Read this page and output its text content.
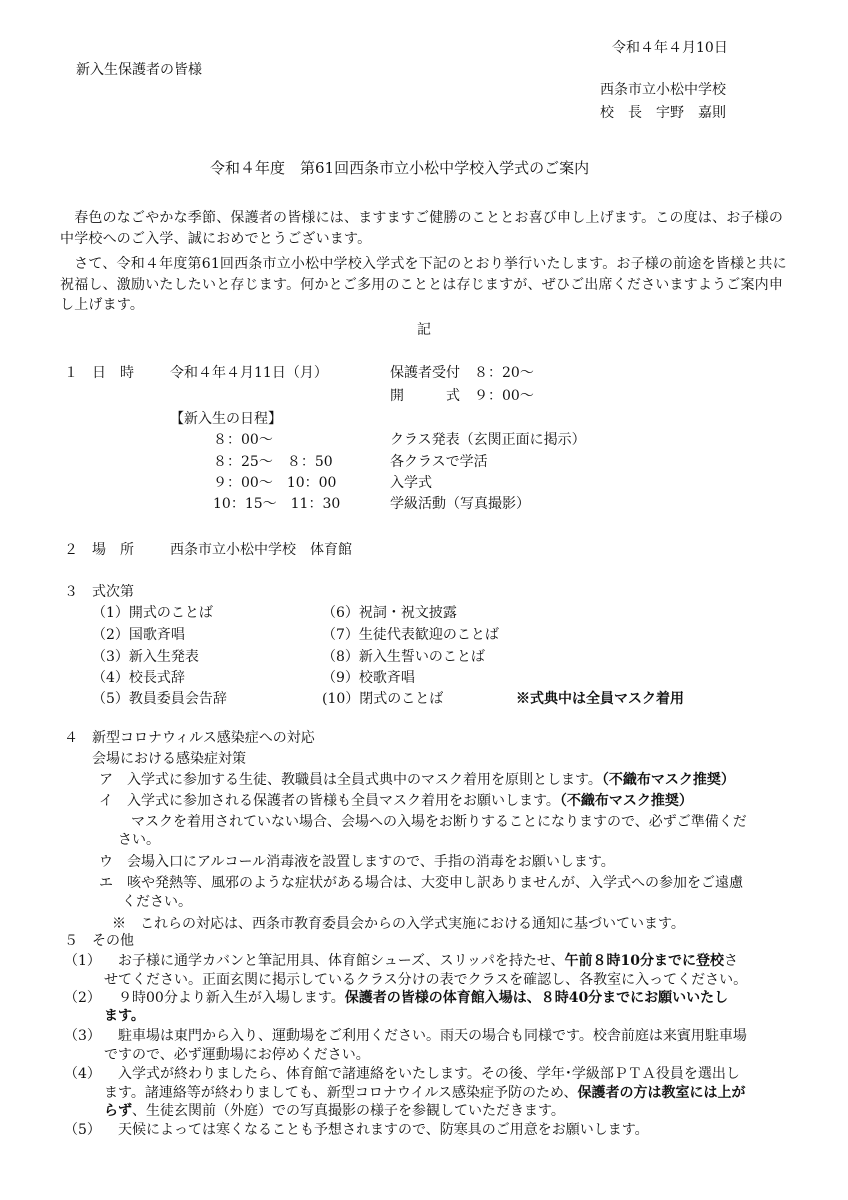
令和４年４月10日
新入生保護者の皆様
西条市立小松中学校
校　長　宇野　嘉則
令和４年度　第61回西条市立小松中学校入学式のご案内
　春色のなごやかな季節、保護者の皆様には、ますますご健勝のこととお喜び申し上げます。この度は、お子様の中学校へのご入学、誠におめでとうございます。
　さて、令和４年度第61回西条市立小松中学校入学式を下記のとおり挙行いたします。お子様の前途を皆様と共に祝福し、激励いたしたいと存じます。何かとご多用のこととは存じますが、ぜひご出席くださいますようご案内申し上げます。
記
１　日　時	令和４年４月11日（月）	保護者受付　８：20～
開　　　式　９：00～
【新入生の日程】
８：00～	クラス発表（玄関正面に掲示）
８：25～　８：50	各クラスで学活
９：00～　10：00	入学式
10：15～　11：30	学級活動（写真撮影）
２　場　所	西条市立小松中学校　体育館
３　式次第
（1）開式のことば
（2）国歌斉唱
（3）新入生発表
（4）校長式辞
（5）教員委員会告辞
（6）祝詞・祝文披露
（7）生徒代表歓迎のことば
（8）新入生誓いのことば
（9）校歌斉唱
(10）閉式のことば	※式典中は全員マスク着用
４　新型コロナウィルス感染症への対応
会場における感染症対策
ア　入学式に参加する生徒、教職員は全員式典中のマスク着用を原則とします。（不織布マスク推奨）
イ　入学式に参加される保護者の皆様も全員マスク着用をお願いします。（不織布マスク推奨）
マスクを着用されていない場合、会場への入場をお断りすることになりますので、必ずご準備くだ
さい。
ウ　会場入口にアルコール消毒液を設置しますので、手指の消毒をお願いします。
エ　咳や発熱等、風邪のような症状がある場合は、大変申し訳ありませんが、入学式への参加をご遠慮
ください。
※　これらの対応は、西条市教育委員会からの入学式実施における通知に基づいています。
５　その他
（1） 　お子様に通学カバンと筆記用具、体育館シューズ、スリッパを持たせ、午前８時10分までに登校さ
せてください。正面玄関に掲示しているクラス分けの表でクラスを確認し、各教室に入ってください。
（2） 　９時00分より新入生が入場します。保護者の皆様の体育館入場は、８時40分までにお願いいたし
ます。
（3） 　駐車場は東門から入り、運動場をご利用ください。雨天の場合も同様です。校舎前庭は来賓用駐車場
ですので、必ず運動場にお停めください。
（4） 　入学式が終わりましたら、体育館で諸連絡をいたします。その後、学年･学級部ＰＴＡ役員を選出し
ます。諸連絡等が終わりましても、新型コロナウイルス感染症予防のため、保護者の方は教室には上が
らず、生徒玄関前（外庭）での写真撮影の様子を参観していただきます。
（5） 　天候によっては寒くなることも予想されますので、防寒具のご用意をお願いします。
